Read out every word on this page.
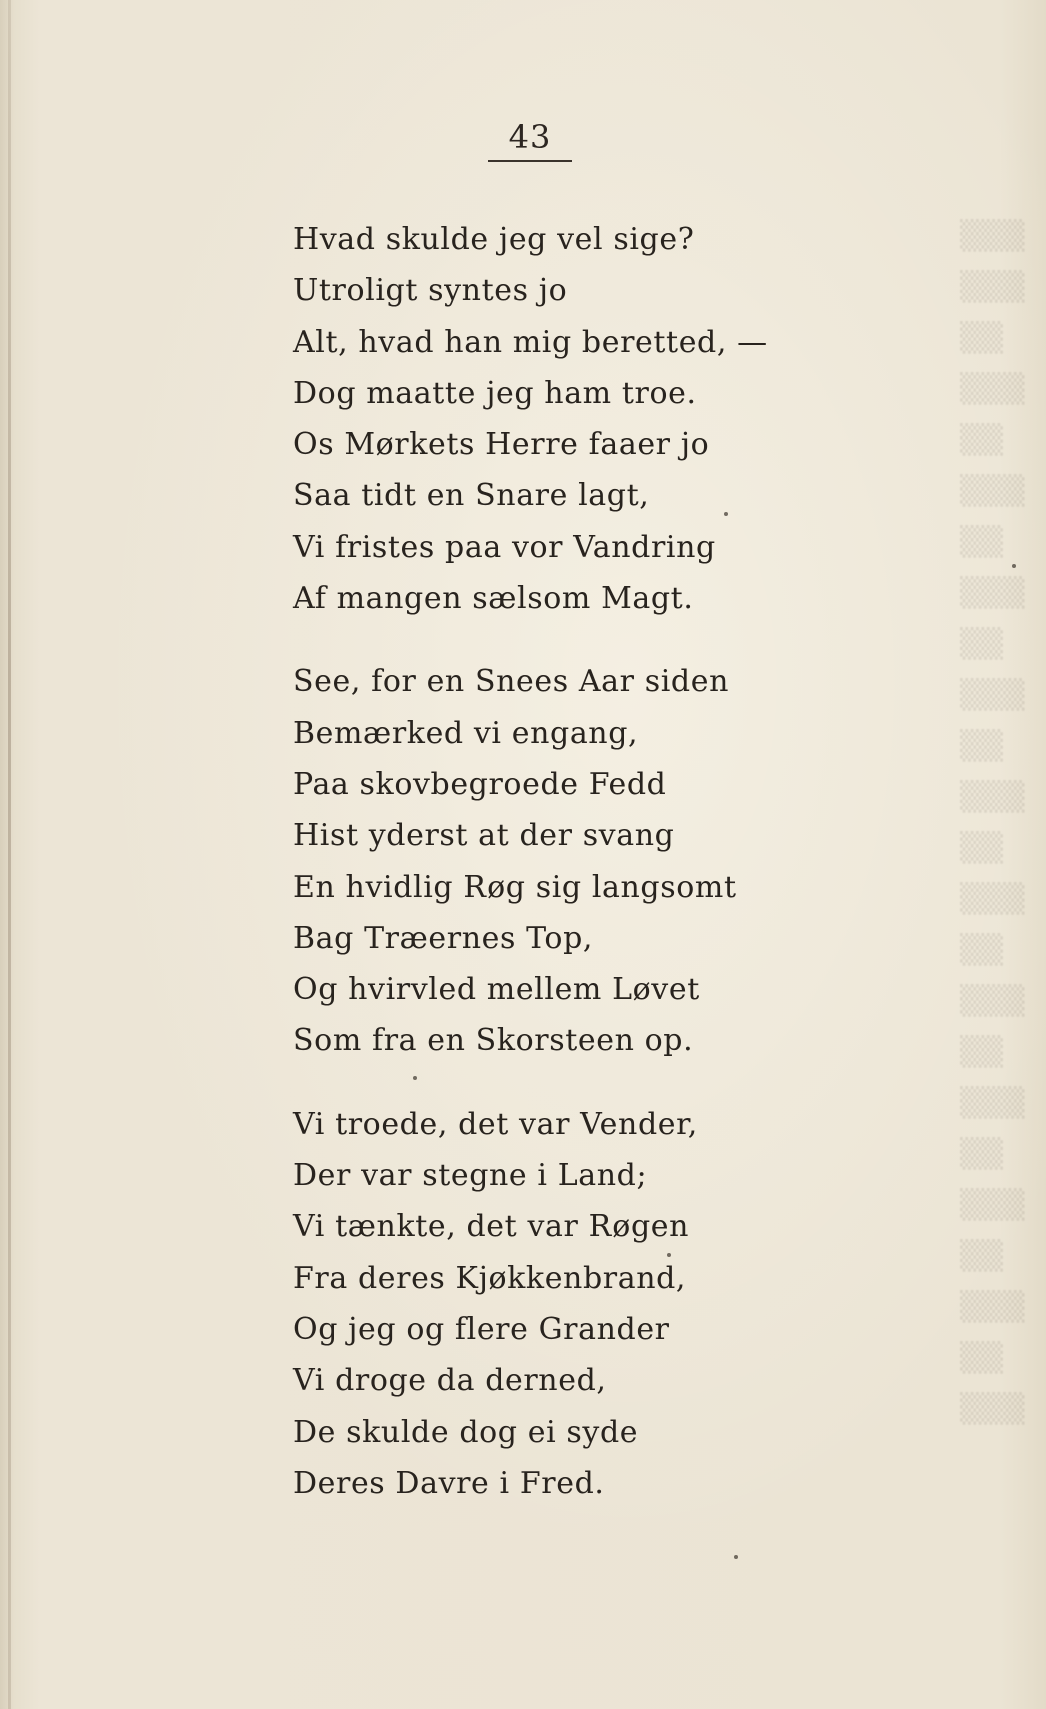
▒▒▒
▒▒▒
▒▒
▒▒▒
▒▒
▒▒▒
▒▒
▒▒▒
▒▒
▒▒▒
▒▒
▒▒▒
▒▒
▒▒▒
▒▒
▒▒▒
▒▒
▒▒▒
▒▒
▒▒▒
▒▒
▒▒▒
▒▒
▒▒▒
43
Hvad skulde jeg vel sige?
Utroligt syntes jo
Alt, hvad han mig beretted, —
Dog maatte jeg ham troe.
Os Mørkets Herre faaer jo
Saa tidt en Snare lagt,
Vi fristes paa vor Vandring
Af mangen sælsom Magt.
See, for en Snees Aar siden
Bemærked vi engang,
Paa skovbegroede Fedd
Hist yderst at der svang
En hvidlig Røg sig langsomt
Bag Træernes Top,
Og hvirvled mellem Løvet
Som fra en Skorsteen op.
Vi troede, det var Vender,
Der var stegne i Land;
Vi tænkte, det var Røgen
Fra deres Kjøkkenbrand,
Og jeg og flere Grander
Vi droge da derned,
De skulde dog ei syde
Deres Davre i Fred.
